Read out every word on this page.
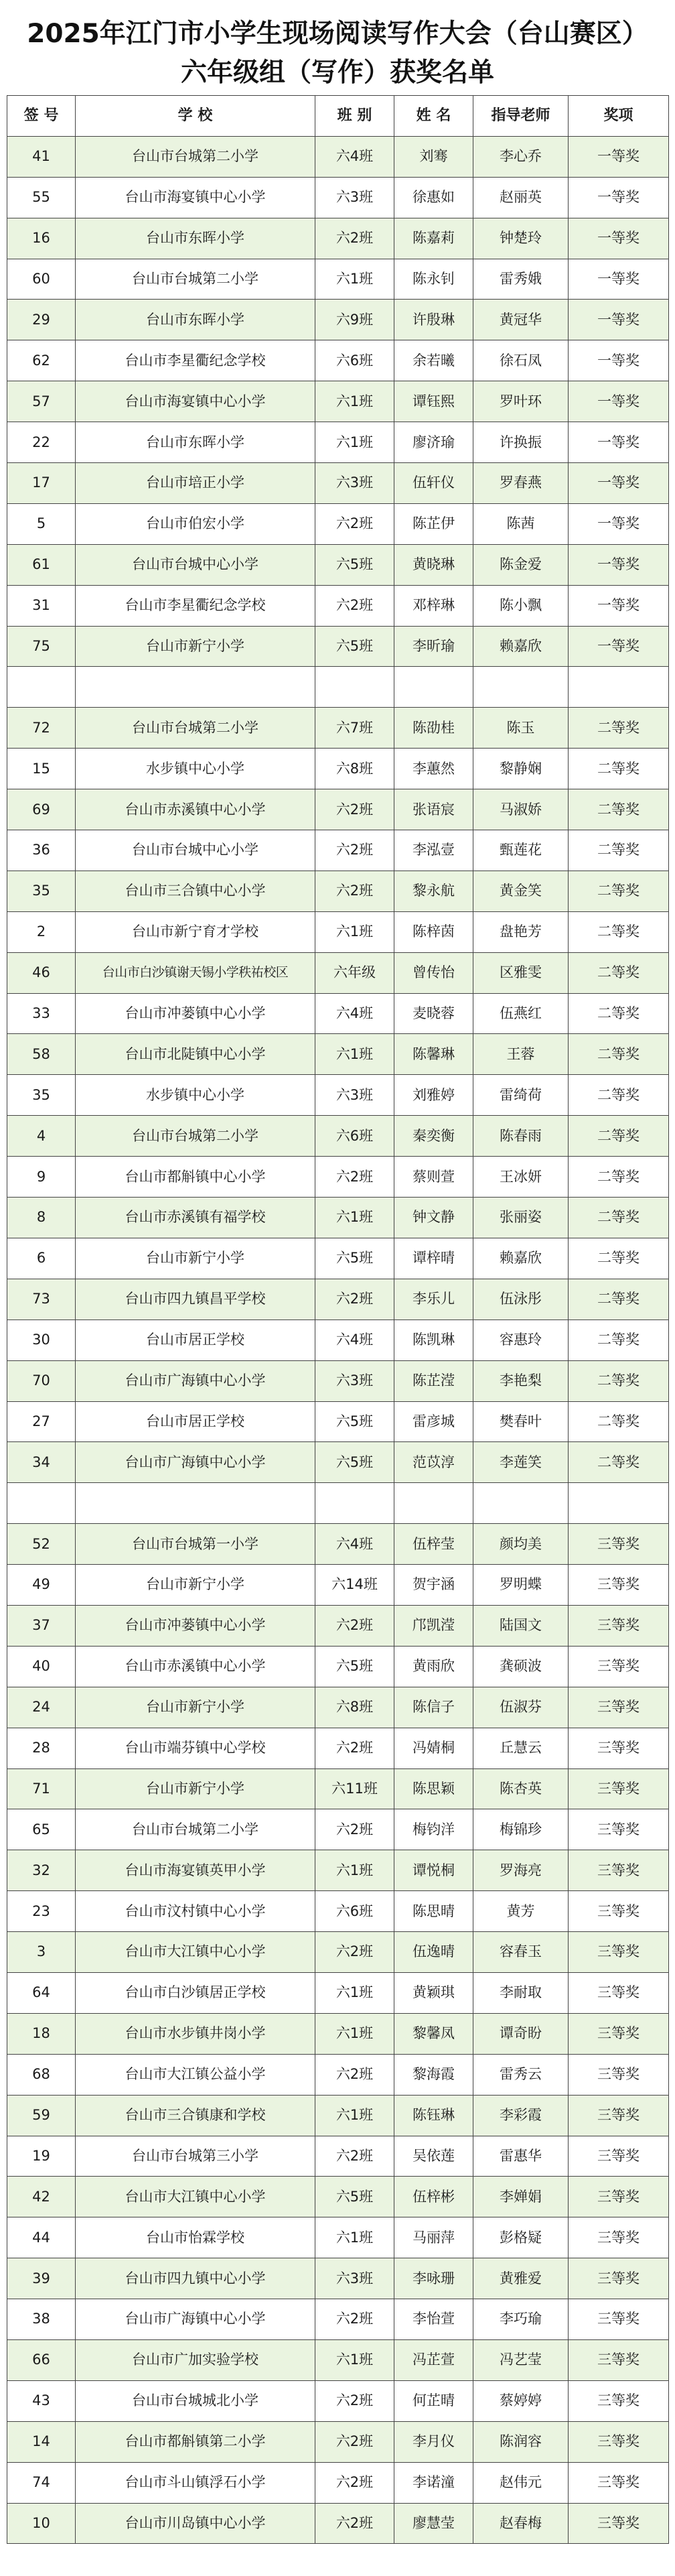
2025年江门市小学生现场阅读写作大会（台山赛区）
六年级组（写作）获奖名单
签 号	学 校	班 别	姓 名	指导老师	奖项
41	台山市台城第二小学	六4班	刘骞	李心乔	一等奖
55	台山市海宴镇中心小学	六3班	徐惠如	赵丽英	一等奖
16	台山市东晖小学	六2班	陈嘉莉	钟楚玲	一等奖
60	台山市台城第二小学	六1班	陈永钊	雷秀娥	一等奖
29	台山市东晖小学	六9班	许殷琳	黄冠华	一等奖
62	台山市李星衢纪念学校	六6班	余若曦	徐石凤	一等奖
57	台山市海宴镇中心小学	六1班	谭钰熙	罗叶环	一等奖
22	台山市东晖小学	六1班	廖济瑜	许换振	一等奖
17	台山市培正小学	六3班	伍轩仪	罗春燕	一等奖
5	台山市伯宏小学	六2班	陈芷伊	陈茜	一等奖
61	台山市台城中心小学	六5班	黄晓琳	陈金爱	一等奖
31	台山市李星衢纪念学校	六2班	邓梓琳	陈小飘	一等奖
75	台山市新宁小学	六5班	李昕瑜	赖嘉欣	一等奖

72	台山市台城第二小学	六7班	陈劭桂	陈玉	二等奖
15	水步镇中心小学	六8班	李蕙然	黎静娴	二等奖
69	台山市赤溪镇中心小学	六2班	张语宸	马淑娇	二等奖
36	台山市台城中心小学	六2班	李泓壹	甄莲花	二等奖
35	台山市三合镇中心小学	六2班	黎永航	黄金笑	二等奖
2	台山市新宁育才学校	六1班	陈梓茵	盘艳芳	二等奖
46	台山市白沙镇谢天锡小学秩祐校区	六年级	曾传怡	区雅雯	二等奖
33	台山市冲蒌镇中心小学	六4班	麦晓蓉	伍燕红	二等奖
58	台山市北陡镇中心小学	六1班	陈馨琳	王蓉	二等奖
35	水步镇中心小学	六3班	刘雅婷	雷绮荷	二等奖
4	台山市台城第二小学	六6班	秦奕衡	陈春雨	二等奖
9	台山市都斛镇中心小学	六2班	蔡则萱	王冰妍	二等奖
8	台山市赤溪镇有福学校	六1班	钟文静	张丽姿	二等奖
6	台山市新宁小学	六5班	谭梓晴	赖嘉欣	二等奖
73	台山市四九镇昌平学校	六2班	李乐儿	伍泳彤	二等奖
30	台山市居正学校	六4班	陈凯琳	容惠玲	二等奖
70	台山市广海镇中心小学	六3班	陈芷滢	李艳梨	二等奖
27	台山市居正学校	六5班	雷彦城	樊春叶	二等奖
34	台山市广海镇中心小学	六5班	范苡淳	李莲笑	二等奖

52	台山市台城第一小学	六4班	伍梓莹	颜均美	三等奖
49	台山市新宁小学	六14班	贺宇涵	罗明蝶	三等奖
37	台山市冲蒌镇中心小学	六2班	邝凯滢	陆国文	三等奖
40	台山市赤溪镇中心小学	六5班	黄雨欣	龚硕波	三等奖
24	台山市新宁小学	六8班	陈信子	伍淑芬	三等奖
28	台山市端芬镇中心学校	六2班	冯婧桐	丘慧云	三等奖
71	台山市新宁小学	六11班	陈思颖	陈杏英	三等奖
65	台山市台城第二小学	六2班	梅钧洋	梅锦珍	三等奖
32	台山市海宴镇英甲小学	六1班	谭悦桐	罗海亮	三等奖
23	台山市汶村镇中心小学	六6班	陈思晴	黄芳	三等奖
3	台山市大江镇中心小学	六2班	伍逸晴	容春玉	三等奖
64	台山市白沙镇居正学校	六1班	黄颖琪	李耐取	三等奖
18	台山市水步镇井岗小学	六1班	黎馨凤	谭奇盼	三等奖
68	台山市大江镇公益小学	六2班	黎海霞	雷秀云	三等奖
59	台山市三合镇康和学校	六1班	陈钰琳	李彩霞	三等奖
19	台山市台城第三小学	六2班	吴依莲	雷惠华	三等奖
42	台山市大江镇中心小学	六5班	伍梓彬	李婵娟	三等奖
44	台山市怡霖学校	六1班	马丽萍	彭格疑	三等奖
39	台山市四九镇中心小学	六3班	李咏珊	黄雅爱	三等奖
38	台山市广海镇中心小学	六2班	李怡萱	李巧瑜	三等奖
66	台山市广加实验学校	六1班	冯芷萱	冯艺莹	三等奖
43	台山市台城城北小学	六2班	何芷晴	蔡婷婷	三等奖
14	台山市都斛镇第二小学	六2班	李月仪	陈润容	三等奖
74	台山市斗山镇浮石小学	六2班	李诺潼	赵伟元	三等奖
10	台山市川岛镇中心小学	六2班	廖慧莹	赵春梅	三等奖
